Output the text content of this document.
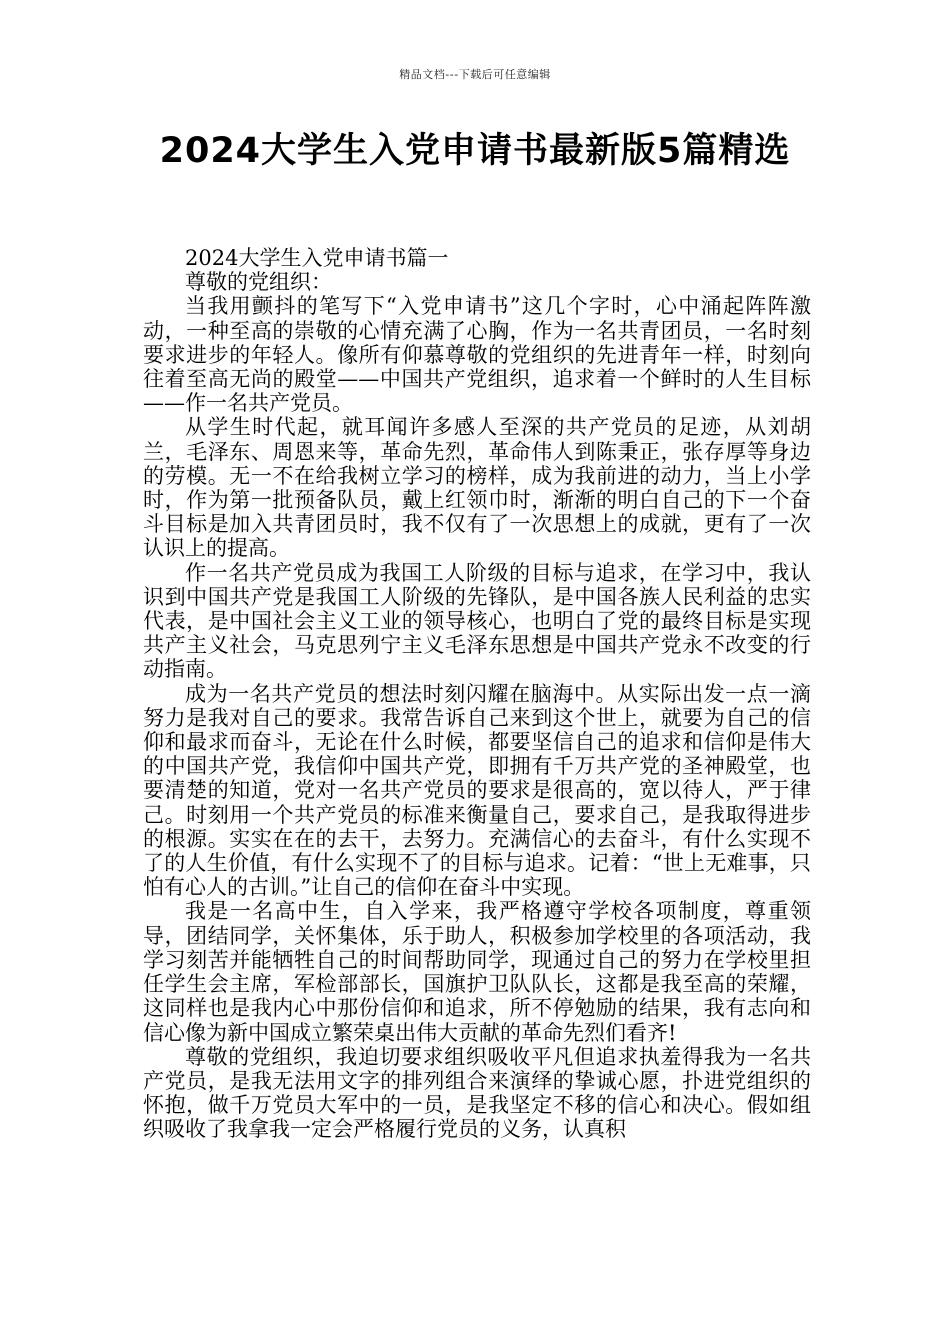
精品文档---下载后可任意编辑
2024大学生入党申请书最新版5篇精选

2024大学生入党申请书篇一

尊敬的党组织：

当我用颤抖的笔写下“入党申请书”这几个字时，心中涌起阵阵激动，一种至高的崇敬的心情充满了心胸，作为一名共青团员，一名时刻要求进步的年轻人。像所有仰慕尊敬的党组织的先进青年一样，时刻向往着至高无尚的殿堂——中国共产党组织，追求着一个鲜时的人生目标——作一名共产党员。

从学生时代起，就耳闻许多感人至深的共产党员的足迹，从刘胡兰，毛泽东、周恩来等，革命先烈，革命伟人到陈秉正，张存厚等身边的劳模。无一不在给我树立学习的榜样，成为我前进的动力，当上小学时，作为第一批预备队员，戴上红领巾时，渐渐的明白自己的下一个奋斗目标是加入共青团员时，我不仅有了一次思想上的成就，更有了一次认识上的提高。

作一名共产党员成为我国工人阶级的目标与追求，在学习中，我认识到中国共产党是我国工人阶级的先锋队，是中国各族人民利益的忠实代表，是中国社会主义工业的领导核心，也明白了党的最终目标是实现共产主义社会，马克思列宁主义毛泽东思想是中国共产党永不改变的行动指南。

成为一名共产党员的想法时刻闪耀在脑海中。从实际出发一点一滴努力是我对自己的要求。我常告诉自己来到这个世上，就要为自己的信仰和最求而奋斗，无论在什么时候，都要坚信自己的追求和信仰是伟大的中国共产党，我信仰中国共产党，即拥有千万共产党的圣神殿堂，也要清楚的知道，党对一名共产党员的要求是很高的，宽以待人，严于律己。时刻用一个共产党员的标准来衡量自己，要求自己，是我取得进步的根源。实实在在的去干，去努力。充满信心的去奋斗，有什么实现不了的人生价值，有什么实现不了的目标与追求。记着：“世上无难事，只怕有心人的古训。”让自己的信仰在奋斗中实现。

我是一名高中生，自入学来，我严格遵守学校各项制度，尊重领导，团结同学，关怀集体，乐于助人，积极参加学校里的各项活动，我学习刻苦并能牺牲自己的时间帮助同学，现通过自己的努力在学校里担任学生会主席，军检部部长，国旗护卫队队长，这都是我至高的荣耀，这同样也是我内心中那份信仰和追求，所不停勉励的结果，我有志向和信心像为新中国成立繁荣桌出伟大贡献的革命先烈们看齐!

尊敬的党组织，我迫切要求组织吸收平凡但追求执羞得我为一名共产党员，是我无法用文字的排列组合来演绎的挚诚心愿，扑进党组织的怀抱，做千万党员大军中的一员，是我坚定不移的信心和决心。假如组织吸收了我拿我一定会严格履行党员的义务，认真积
